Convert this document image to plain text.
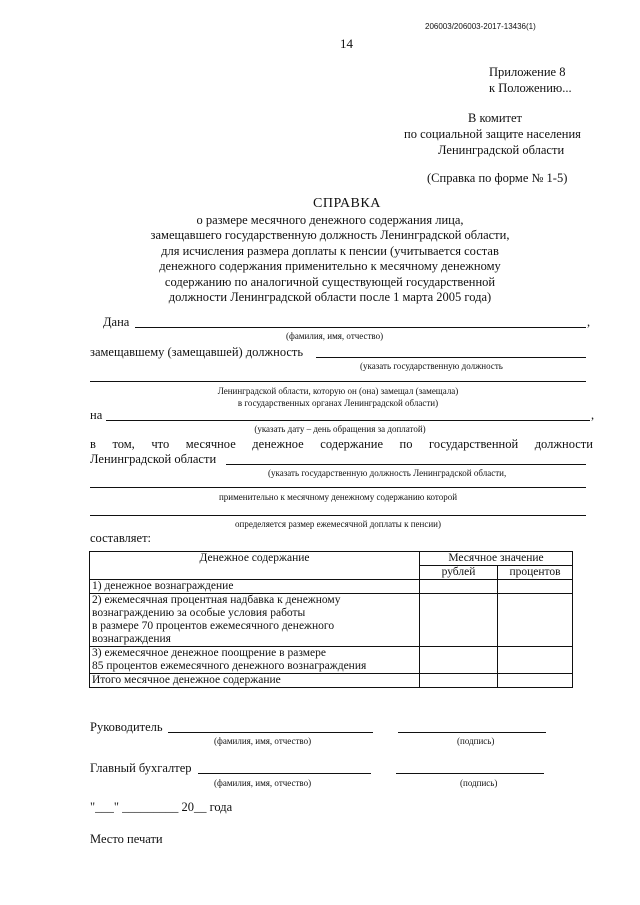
206003/206003-2017-13436(1)
14
Приложение 8
к Положению...
В комитет
по социальной защите населения
Ленинградской области
(Справка по форме № 1-5)
СПРАВКА
о размере месячного денежного содержания лица,
замещавшего государственную должность Ленинградской области,
для исчисления размера доплаты к пенсии (учитывается состав
денежного содержания применительно к месячному денежному
содержанию по аналогичной существующей государственной
должности Ленинградской области после 1 марта 2005 года)
Дана	,
(фамилия, имя, отчество)
замещавшему (замещавшей) должность
(указать государственную должность
Ленинградской области, которую он (она) замещал (замещала)
в государственных органах Ленинградской области)
на	,
(указать дату – день обращения за доплатой)
в том, что месячное денежное содержание по государственной должности
Ленинградской области
(указать государственную должность Ленинградской области,
применительно к месячному денежному содержанию которой
определяется размер ежемесячной доплаты к пенсии)
составляет:
Денежное содержание	Месячное значение	
	рублей	процентов
1) денежное вознаграждение		

2) ежемесячная процентная надбавка к денежному
вознаграждению за особые условия работы
в размере 70 процентов ежемесячного денежного
вознаграждения		

3) ежемесячное денежное поощрение в размере
85 процентов ежемесячного денежного вознаграждения		

Итого месячное денежное содержание		
Руководитель
(фамилия, имя, отчество)	(подпись)
Главный бухгалтер
(фамилия, имя, отчество)	(подпись)
"___" _________ 20__ года
Место печати
